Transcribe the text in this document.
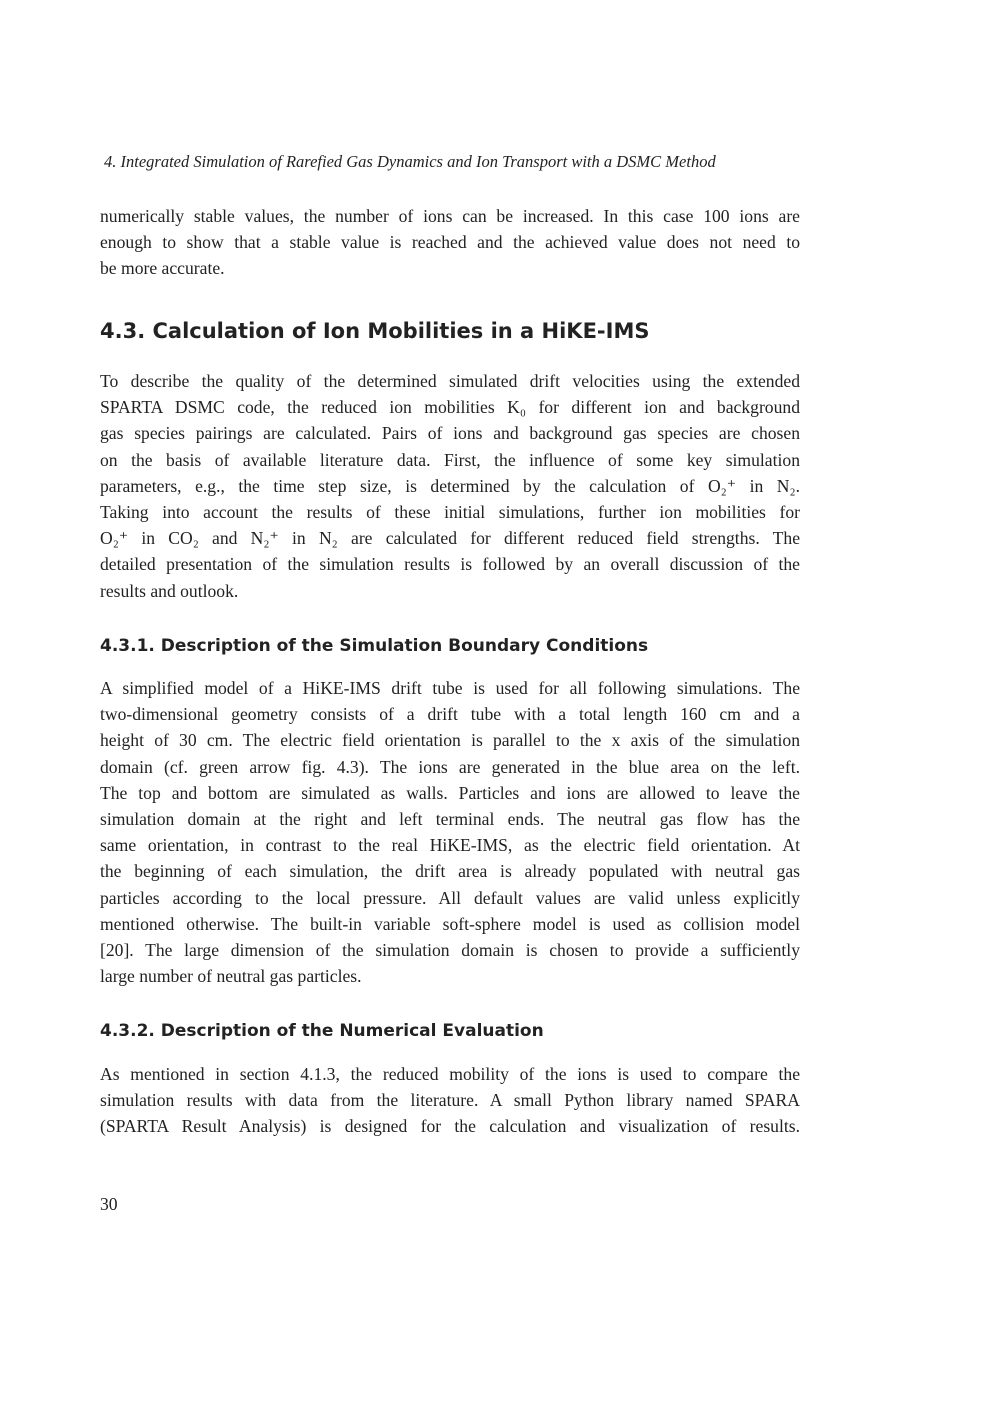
4. Integrated Simulation of Rarefied Gas Dynamics and Ion Transport with a DSMC Method
numerically stable values, the number of ions can be increased. In this case 100 ions are
enough to show that a stable value is reached and the achieved value does not need to
be more accurate.
4.3. Calculation of Ion Mobilities in a HiKE-IMS
To describe the quality of the determined simulated drift velocities using the extended
SPARTA DSMC code, the reduced ion mobilities K₀ for different ion and background
gas species pairings are calculated. Pairs of ions and background gas species are chosen
on the basis of available literature data. First, the influence of some key simulation
parameters, e.g., the time step size, is determined by the calculation of O₂⁺ in N₂.
Taking into account the results of these initial simulations, further ion mobilities for
O₂⁺ in CO₂ and N₂⁺ in N₂ are calculated for different reduced field strengths. The
detailed presentation of the simulation results is followed by an overall discussion of the
results and outlook.
4.3.1. Description of the Simulation Boundary Conditions
A simplified model of a HiKE-IMS drift tube is used for all following simulations. The
two-dimensional geometry consists of a drift tube with a total length 160 cm and a
height of 30 cm. The electric field orientation is parallel to the x axis of the simulation
domain (cf. green arrow fig. 4.3). The ions are generated in the blue area on the left.
The top and bottom are simulated as walls. Particles and ions are allowed to leave the
simulation domain at the right and left terminal ends. The neutral gas flow has the
same orientation, in contrast to the real HiKE-IMS, as the electric field orientation. At
the beginning of each simulation, the drift area is already populated with neutral gas
particles according to the local pressure. All default values are valid unless explicitly
mentioned otherwise. The built-in variable soft-sphere model is used as collision model
[20]. The large dimension of the simulation domain is chosen to provide a sufficiently
large number of neutral gas particles.
4.3.2. Description of the Numerical Evaluation
As mentioned in section 4.1.3, the reduced mobility of the ions is used to compare the
simulation results with data from the literature. A small Python library named SPARA
(SPARTA Result Analysis) is designed for the calculation and visualization of results.
30
